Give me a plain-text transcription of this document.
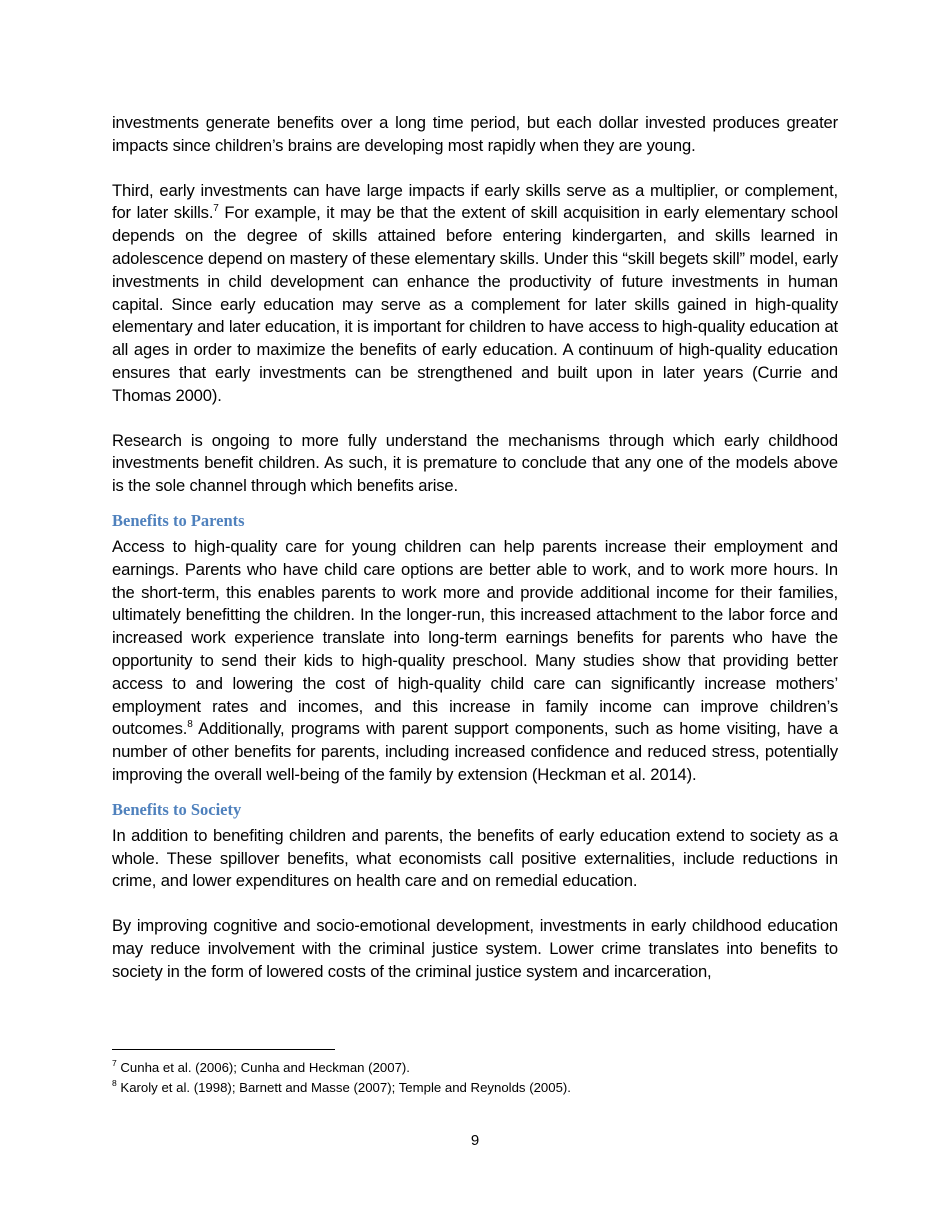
investments generate benefits over a long time period, but each dollar invested produces greater impacts since children’s brains are developing most rapidly when they are young.

Third, early investments can have large impacts if early skills serve as a multiplier, or complement, for later skills.$^7$ For example, it may be that the extent of skill acquisition in early elementary school depends on the degree of skills attained before entering kindergarten, and skills learned in adolescence depend on mastery of these elementary skills. Under this “skill begets skill” model, early investments in child development can enhance the productivity of future investments in human capital. Since early education may serve as a complement for later skills gained in high-quality elementary and later education, it is important for children to have access to high-quality education at all ages in order to maximize the benefits of early education. A continuum of high-quality education ensures that early investments can be strengthened and built upon in later years (Currie and Thomas 2000).

Research is ongoing to more fully understand the mechanisms through which early childhood investments benefit children. As such, it is premature to conclude that any one of the models above is the sole channel through which benefits arise.

Benefits to Parents

Access to high-quality care for young children can help parents increase their employment and earnings. Parents who have child care options are better able to work, and to work more hours. In the short-term, this enables parents to work more and provide additional income for their families, ultimately benefitting the children. In the longer-run, this increased attachment to the labor force and increased work experience translate into long-term earnings benefits for parents who have the opportunity to send their kids to high-quality preschool. Many studies show that providing better access to and lowering the cost of high-quality child care can significantly increase mothers’ employment rates and incomes, and this increase in family income can improve children’s outcomes.$^8$ Additionally, programs with parent support components, such as home visiting, have a number of other benefits for parents, including increased confidence and reduced stress, potentially improving the overall well-being of the family by extension (Heckman et al. 2014).

Benefits to Society

In addition to benefiting children and parents, the benefits of early education extend to society as a whole. These spillover benefits, what economists call positive externalities, include reductions in crime, and lower expenditures on health care and on remedial education.

By improving cognitive and socio-emotional development, investments in early childhood education may reduce involvement with the criminal justice system. Lower crime translates into benefits to society in the form of lowered costs of the criminal justice system and incarceration,

$^7$ Cunha et al. (2006); Cunha and Heckman (2007).

$^8$ Karoly et al. (1998); Barnett and Masse (2007); Temple and Reynolds (2005).

9
